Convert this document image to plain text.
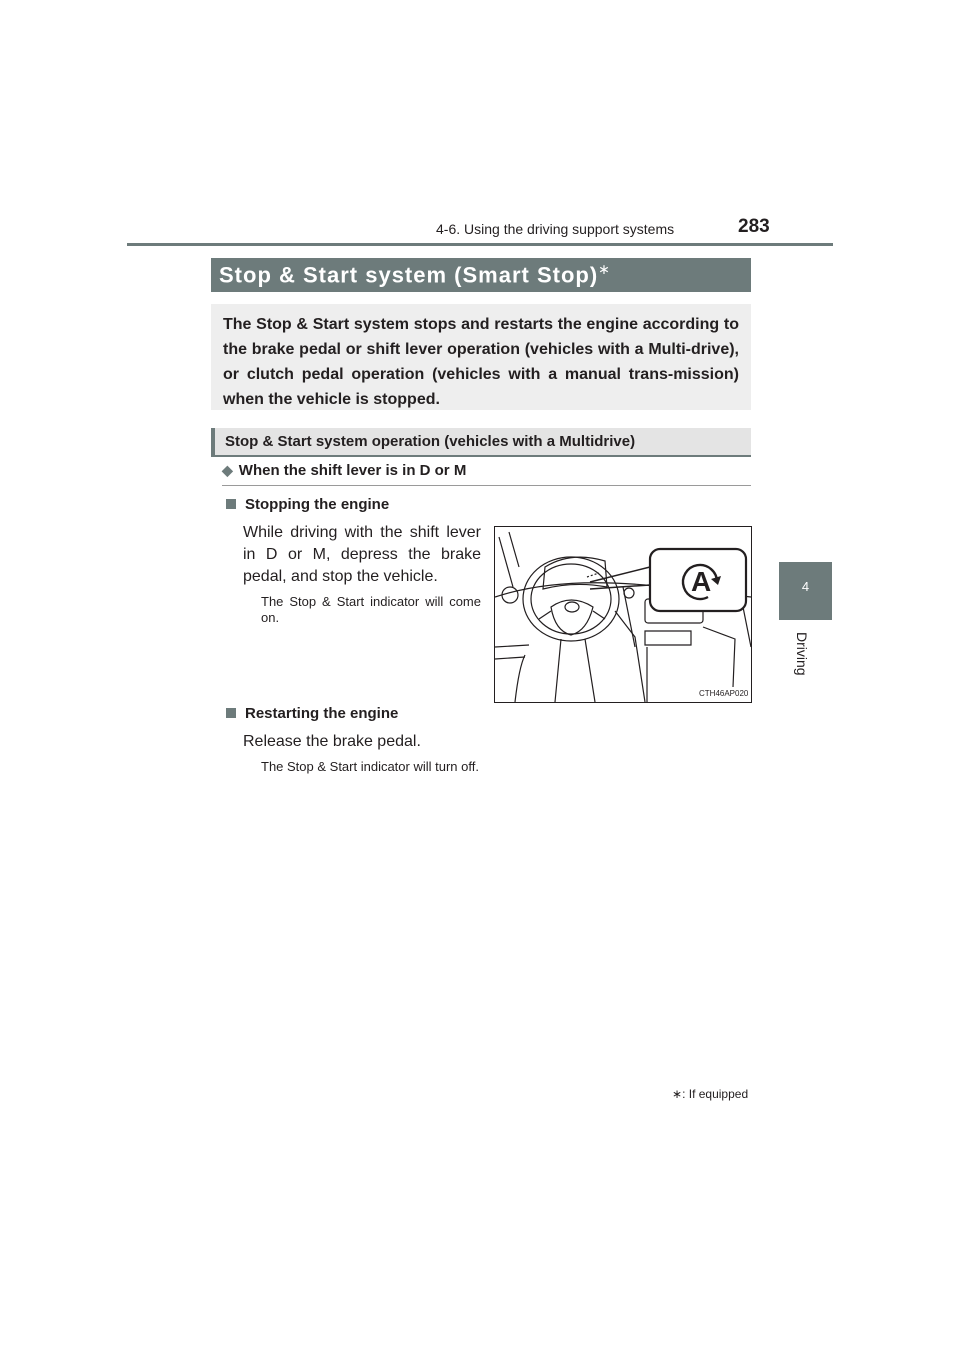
4-6. Using the driving support systems	283
4
Driving
Stop & Start system (Smart Stop)∗

The Stop & Start system stops and restarts the engine according to the brake pedal or shift lever operation (vehicles with a Multi-drive), or clutch pedal operation (vehicles with a manual trans-mission) when the vehicle is stopped.

Stop & Start system operation (vehicles with a Multidrive)
◆ When the shift lever is in D or M
Stopping the engine

While driving with the shift lever in D or M, depress the brake pedal, and stop the vehicle.

The Stop & Start indicator will come on.

A
CTH46AP020
Restarting the engine

Release the brake pedal.

The Stop & Start indicator will turn off.

∗: If equipped
